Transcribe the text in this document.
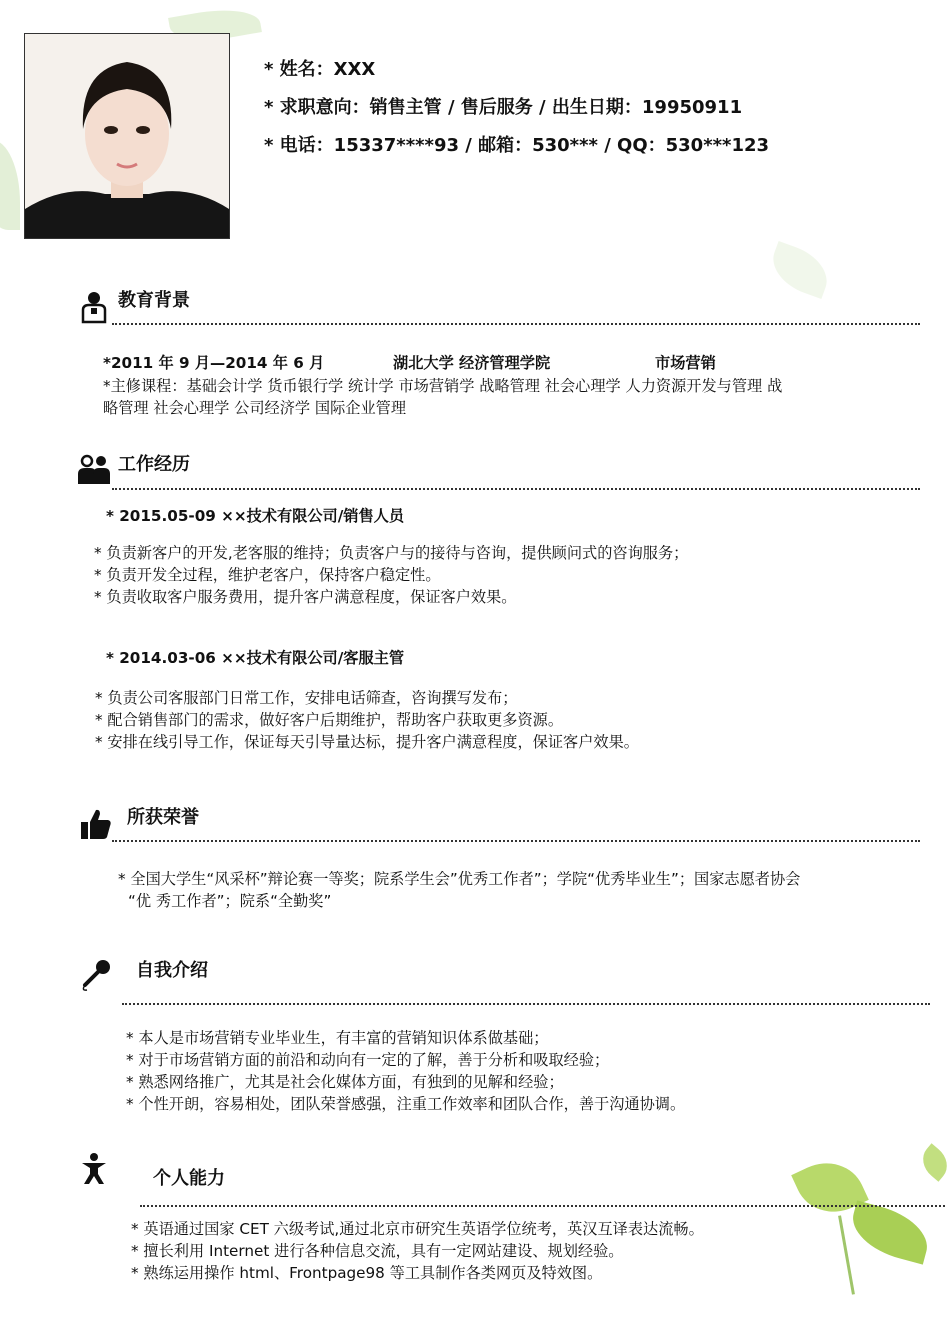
* 姓名：XXX
* 求职意向：销售主管 / 售后服务 / 出生日期：19950911
* 电话：15337****93 / 邮箱：530*** / QQ：530***123
教育背景
*2011 年 9 月—2014 年 6 月	湖北大学 经济管理学院	市场营销
*主修课程：基础会计学 货币银行学 统计学 市场营销学 战略管理 社会心理学 人力资源开发与管理 战
略管理 社会心理学 公司经济学 国际企业管理
工作经历
* 2015.05-09 ××技术有限公司/销售人员
* 负责新客户的开发,老客服的维持；负责客户与的接待与咨询，提供顾问式的咨询服务；
* 负责开发全过程，维护老客户，保持客户稳定性。
* 负责收取客户服务费用，提升客户满意程度，保证客户效果。
* 2014.03-06 ××技术有限公司/客服主管
* 负责公司客服部门日常工作，安排电话筛查，咨询撰写发布；
* 配合销售部门的需求，做好客户后期维护，帮助客户获取更多资源。
* 安排在线引导工作，保证每天引导量达标，提升客户满意程度，保证客户效果。
所获荣誉
* 全国大学生“风采杯”辩论赛一等奖；院系学生会”优秀工作者”；学院“优秀毕业生”；国家志愿者协会
“优 秀工作者”；院系“全勤奖”
自我介绍
* 本人是市场营销专业毕业生，有丰富的营销知识体系做基础；
* 对于市场营销方面的前沿和动向有一定的了解，善于分析和吸取经验；
* 熟悉网络推广，尤其是社会化媒体方面，有独到的见解和经验；
* 个性开朗，容易相处，团队荣誉感强，注重工作效率和团队合作，善于沟通协调。
个人能力
* 英语通过国家 CET 六级考试,通过北京市研究生英语学位统考，英汉互译表达流畅。
* 擅长利用 Internet 进行各种信息交流，具有一定网站建设、规划经验。
* 熟练运用操作 html、Frontpage98 等工具制作各类网页及特效图。
